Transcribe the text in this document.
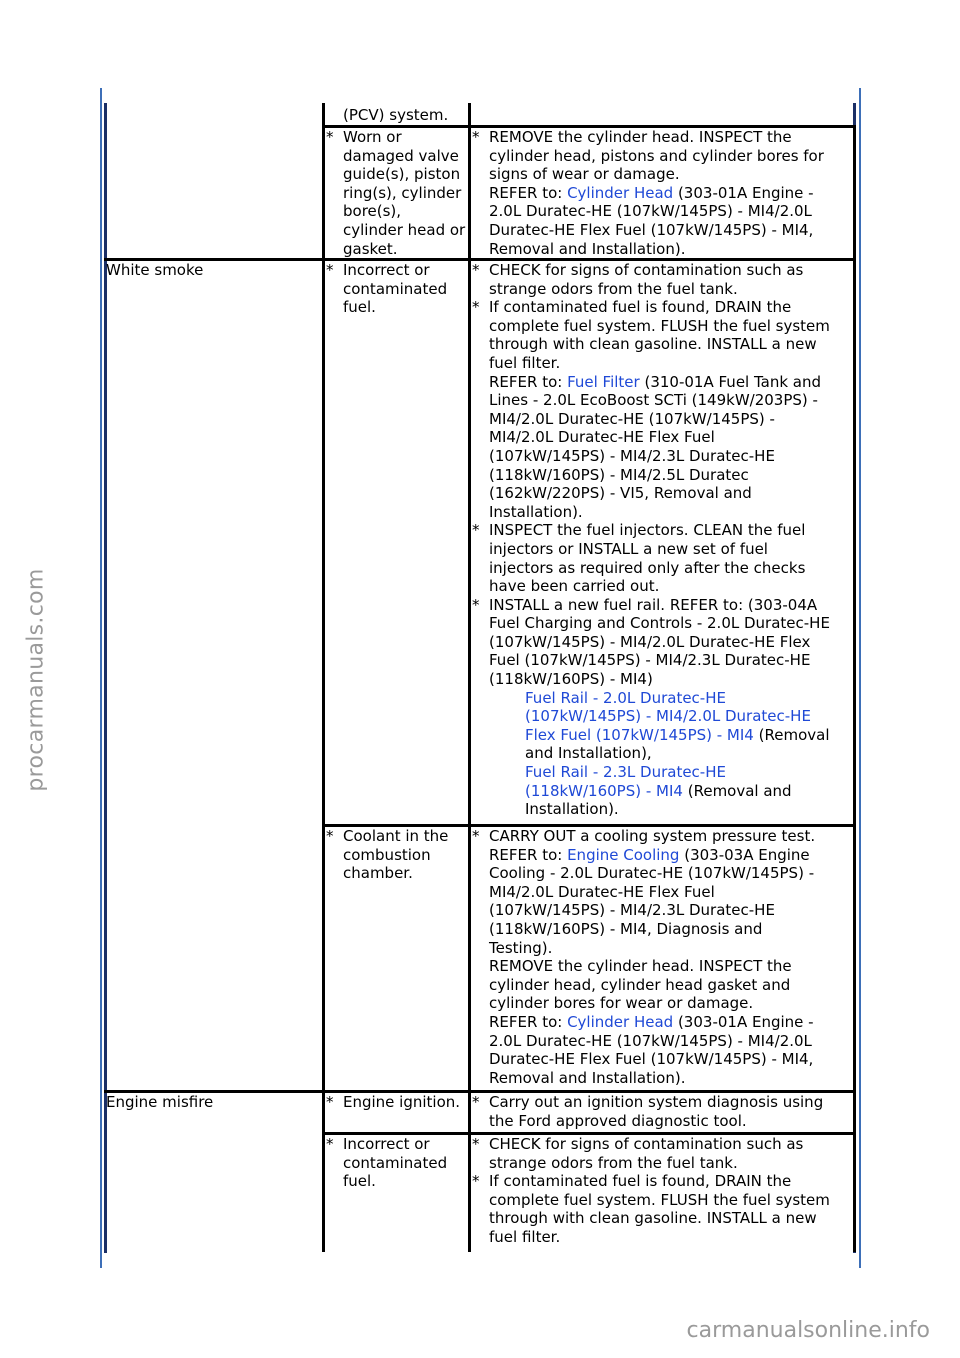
procarmanuals.com
carmanualsonline.info
(PCV) system.
* Worn or
damaged valve
guide(s), piston
ring(s), cylinder
bore(s),
cylinder head or
gasket.
* REMOVE the cylinder head. INSPECT the
cylinder head, pistons and cylinder bores for
signs of wear or damage.
REFER to: Cylinder Head (303-01A Engine -
2.0L Duratec-HE (107kW/145PS) - MI4/2.0L
Duratec-HE Flex Fuel (107kW/145PS) - MI4,
Removal and Installation).
White smoke	* Incorrect or
contaminated
fuel.
* CHECK for signs of contamination such as
strange odors from the fuel tank.
* If contaminated fuel is found, DRAIN the
complete fuel system. FLUSH the fuel system
through with clean gasoline. INSTALL a new
fuel filter.
REFER to: Fuel Filter (310-01A Fuel Tank and
Lines - 2.0L EcoBoost SCTi (149kW/203PS) -
MI4/2.0L Duratec-HE (107kW/145PS) -
MI4/2.0L Duratec-HE Flex Fuel
(107kW/145PS) - MI4/2.3L Duratec-HE
(118kW/160PS) - MI4/2.5L Duratec
(162kW/220PS) - VI5, Removal and
Installation).
* INSPECT the fuel injectors. CLEAN the fuel
injectors or INSTALL a new set of fuel
injectors as required only after the checks
have been carried out.
* INSTALL a new fuel rail. REFER to: (303-04A
Fuel Charging and Controls - 2.0L Duratec-HE
(107kW/145PS) - MI4/2.0L Duratec-HE Flex
Fuel (107kW/145PS) - MI4/2.3L Duratec-HE
(118kW/160PS) - MI4)
Fuel Rail - 2.0L Duratec-HE
(107kW/145PS) - MI4/2.0L Duratec-HE
Flex Fuel (107kW/145PS) - MI4 (Removal
and Installation),
Fuel Rail - 2.3L Duratec-HE
(118kW/160PS) - MI4 (Removal and
Installation).
* Coolant in the
combustion
chamber.
* CARRY OUT a cooling system pressure test.
REFER to: Engine Cooling (303-03A Engine
Cooling - 2.0L Duratec-HE (107kW/145PS) -
MI4/2.0L Duratec-HE Flex Fuel
(107kW/145PS) - MI4/2.3L Duratec-HE
(118kW/160PS) - MI4, Diagnosis and
Testing).
REMOVE the cylinder head. INSPECT the
cylinder head, cylinder head gasket and
cylinder bores for wear or damage.
REFER to: Cylinder Head (303-01A Engine -
2.0L Duratec-HE (107kW/145PS) - MI4/2.0L
Duratec-HE Flex Fuel (107kW/145PS) - MI4,
Removal and Installation).
Engine misfire	* Engine ignition. * Carry out an ignition system diagnosis using
the Ford approved diagnostic tool.
* Incorrect or
contaminated
fuel.
* CHECK for signs of contamination such as
strange odors from the fuel tank.
* If contaminated fuel is found, DRAIN the
complete fuel system. FLUSH the fuel system
through with clean gasoline. INSTALL a new
fuel filter.
